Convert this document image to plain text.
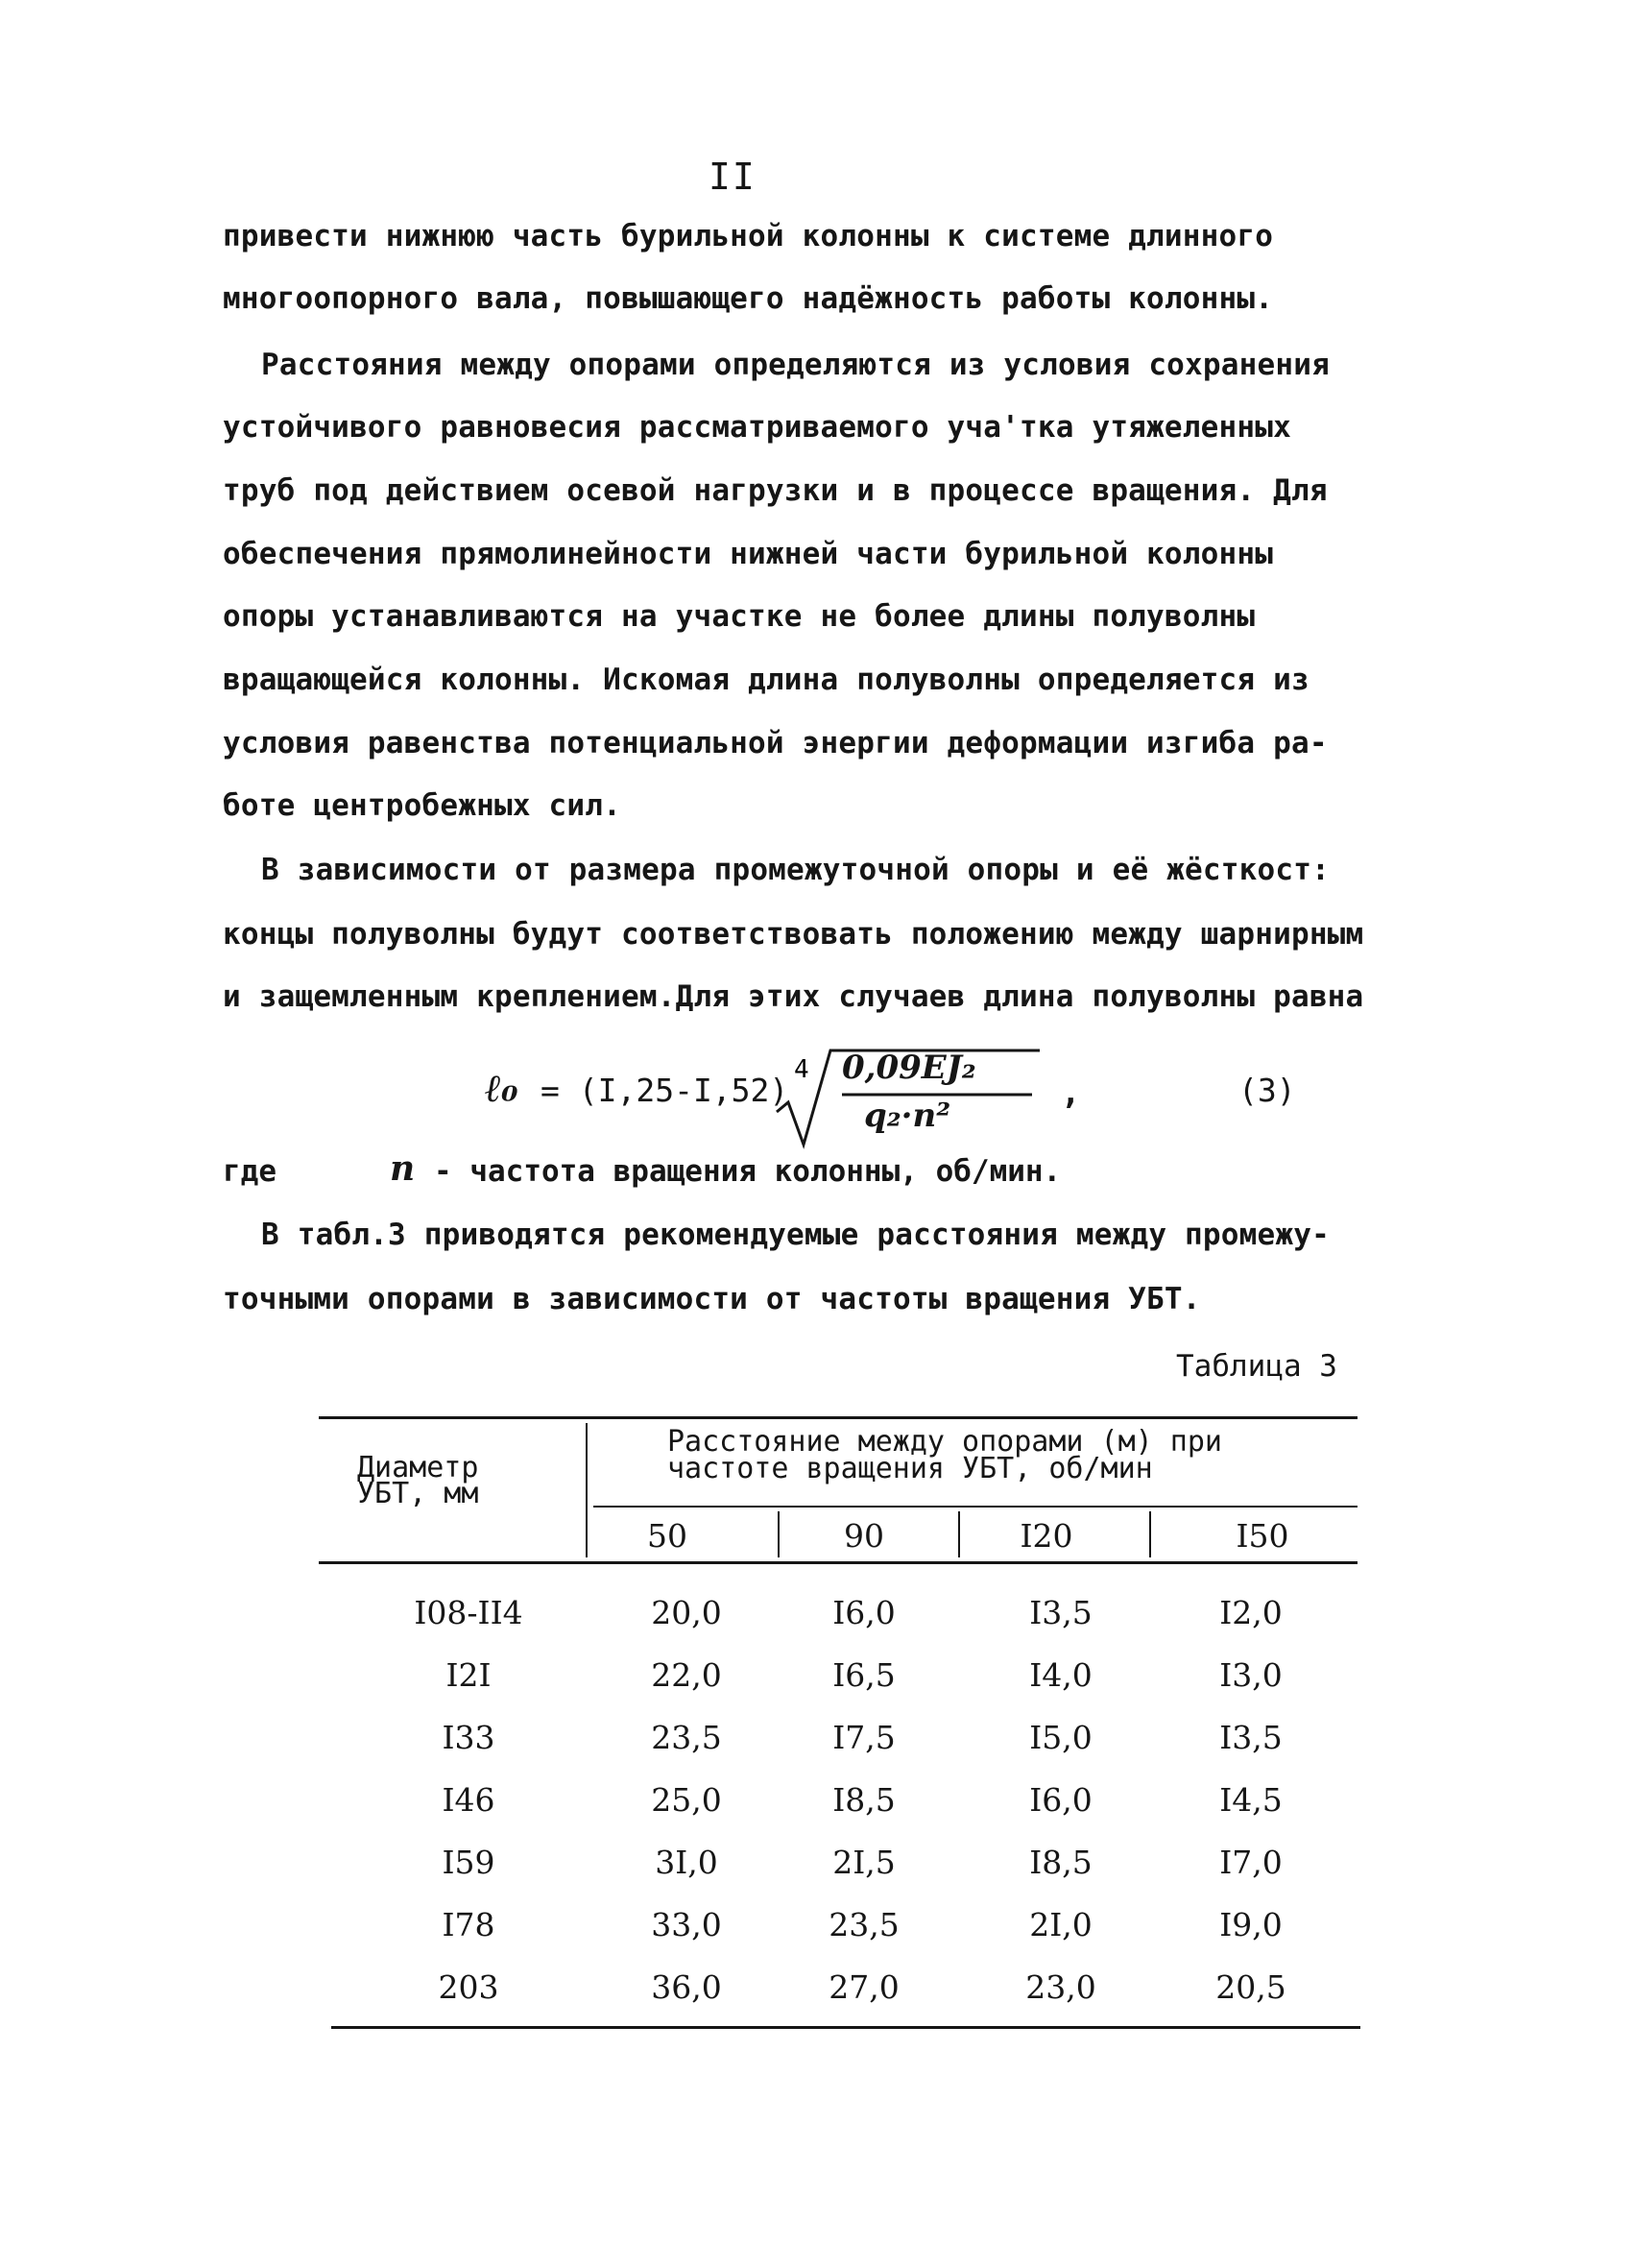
II
привести нижнюю часть бурильной колонны к системе длинного
многоопорного вала, повышающего надёжность работы колонны.
Расстояния между опорами определяются из условия сохранения
устойчивого равновесия рассматриваемого уча'тка утяжеленных
труб под действием осевой нагрузки и в процессе вращения. Для
обеспечения прямолинейности нижней части бурильной колонны
опоры устанавливаются на участке не более длины полуволны
вращающейся колонны. Искомая длина полуволны определяется из
условия равенства потенциальной энергии деформации изгиба ра-
боте центробежных сил.
В зависимости от размера промежуточной опоры и её жёсткост:
концы полуволны будут соответствовать положению между шарнирным
и защемленным креплением.Для этих случаев длина полуволны равна
ℓ₀ = (I,25-I,52)
4 0,09EJ₂
q₂·n²
,	(3)
где	n - частота вращения колонны, об/мин.
В табл.3 приводятся рекомендуемые расстояния между промежу-
точными опорами в зависимости от частоты вращения УБТ.
Таблица 3
Диаметр
УБТ, мм
Расстояние между опорами (м) при
частоте вращения УБТ, об/мин
50	90	I20	I50
I08-II4	20,0	I6,0	I3,5	I2,0
I2I	22,0	I6,5	I4,0	I3,0
I33	23,5	I7,5	I5,0	I3,5
I46	25,0	I8,5	I6,0	I4,5
I59	3I,0	2I,5	I8,5	I7,0
I78	33,0	23,5	2I,0	I9,0
203	36,0	27,0	23,0	20,5
